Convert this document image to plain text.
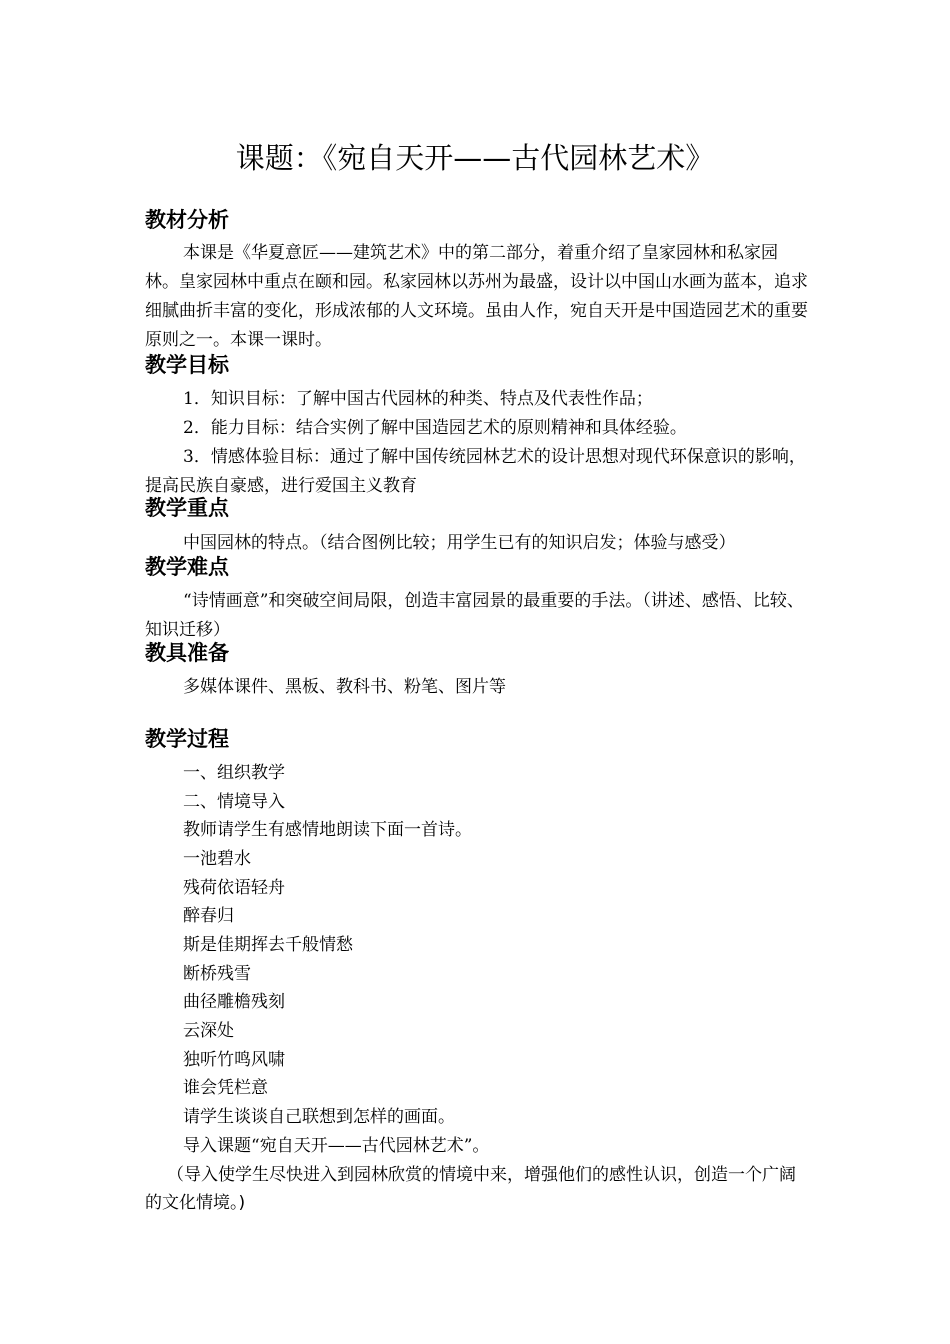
课题：《宛自天开——古代园林艺术》
教材分析
本课是《华夏意匠——建筑艺术》中的第二部分，着重介绍了皇家园林和私家园林。皇家园林中重点在颐和园。私家园林以苏州为最盛，设计以中国山水画为蓝本，追求细腻曲折丰富的变化，形成浓郁的人文环境。虽由人作，宛自天开是中国造园艺术的重要原则之一。本课一课时。
教学目标
1．知识目标：了解中国古代园林的种类、特点及代表性作品；
2．能力目标：结合实例了解中国造园艺术的原则精神和具体经验。
3．情感体验目标：通过了解中国传统园林艺术的设计思想对现代环保意识的影响，提高民族自豪感，进行爱国主义教育
教学重点
中国园林的特点。（结合图例比较；用学生已有的知识启发；体验与感受）
教学难点
“诗情画意”和突破空间局限，创造丰富园景的最重要的手法。（讲述、感悟、比较、知识迁移）
教具准备
多媒体课件、黑板、教科书、粉笔、图片等
教学过程
一、组织教学
二、情境导入
教师请学生有感情地朗读下面一首诗。
一池碧水
残荷依语轻舟
醉春归
斯是佳期挥去千般情愁
断桥残雪
曲径雕檐残刻
云深处
独听竹鸣风啸
谁会凭栏意
请学生谈谈自己联想到怎样的画面。
导入课题“宛自天开——古代园林艺术”。
（导入使学生尽快进入到园林欣赏的情境中来，增强他们的感性认识，创造一个广阔的文化情境。)
